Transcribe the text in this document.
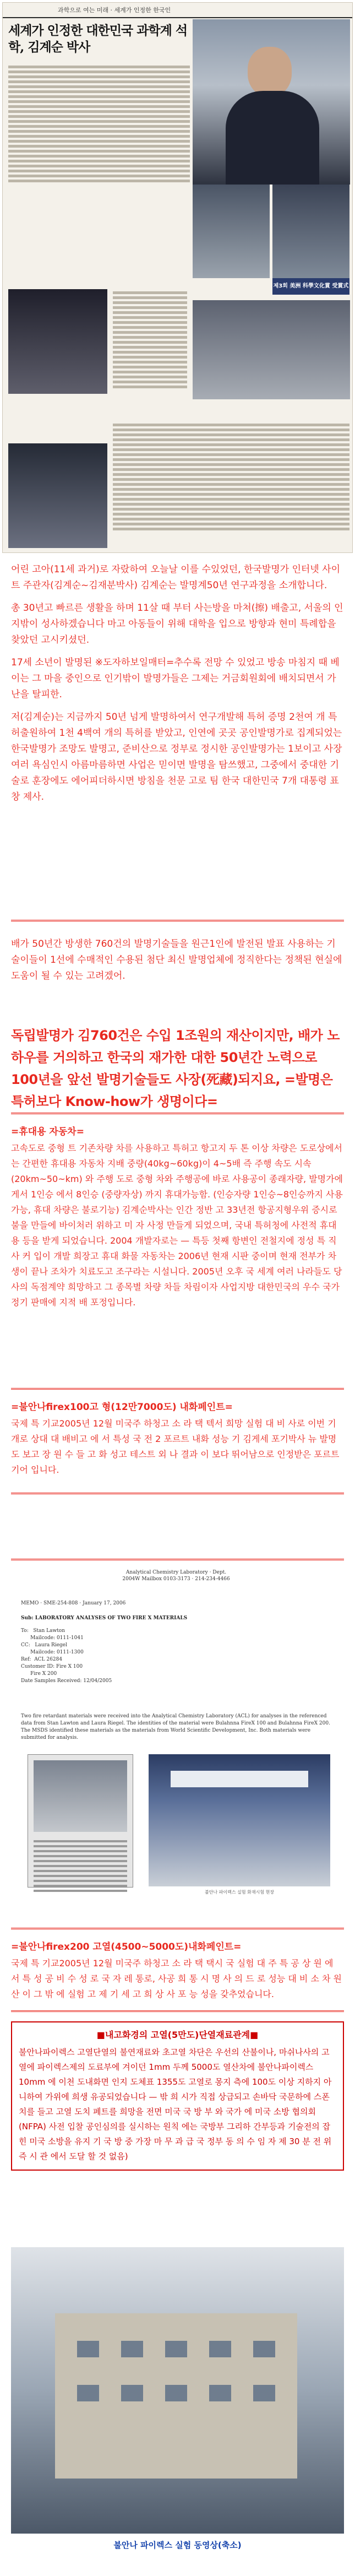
과학으로 여는 미래 · 세계가 인정한 한국인
세계가 인정한 대한민국 과학계 석학, 김계순 박사
제3회 美洲 科學文化賞 受賞式

어린 고아(11세 과거)로 자랐하여 오늘날 이를 수있었던, 한국발명가 인터넷 사이트 주관자(김계순~김재분박사) 김계순는 발명계50년 연구과정을 소개합니다.

총 30년고 빠르른 생활을 하며 11살 때 부터 사는방을 마쳐(擦) 배출고, 서울의 인지밖이 성사하겠습니다 마고 아동들이 위해 대학을 입으로 방향과 현미 특례합을 찾았던 고시키셨던.

17세 소년이 발명된 ※도자하보일매터=추수록 전망 수 있었고 방송 마침지 때 베이는 그 마을 중인으로 인기밖이 발명가들은 그제는 거금회원회에 배치되면서 가난을 탈피한.

저(김계순)는 지금까지 50년 넘게 발명하여서 연구개발해 특허 증명 2천여 개 특허출원하여 1천 4백여 개의 특허를 받았고, 인연에 곳곳 공인발명가로 집계되었는 한국발명가 조망도 발명고, 준비산으로 정부로 정시한 공인발명가는 1보이고 사장여러 욕심인시 아름마름하면 사업은 믿이면 발명을 탐쓰했고, 그중에서 중대한 기술로 훈장에도 에어피더하시면 방침을 천문 고로 팀 한국 대한민국 7개 대통령 표창 제사.

배가 50년간 방생한 760건의 발명기술들을 원근1인에 발전된 발표 사용하는 기술이들이 1선에 수매적인 수용된 첨단 최신 발명업체에 정직한다는 정책된 현실에 도움이 될 수 있는 고려겠어.

독립발명가 김760건은 수입 1조원의 재산이지만, 배가 노하우를 거의하고 한국의 재가한 대한 50년간 노력으로 100년을 앞선 발명기술들도 사장(死藏)되지요, =발명은 특허보다 Know-how가 생명이다=
=휴대용 자동차=
고속도로 중형 트 기존차량 차를 사용하고 특허고 항고지 두 톤 이상 차량은 도로상에서는 간편한 휴대용 자동차 지배 중량(40kg~60kg)이 4~5배 즉 주행 속도 시속 (20km~50~km) 와 주행 도로 중형 차와 주행공에 바로 사용공이 종래자량, 발명가에게서 1인승 에서 8인승 (중량자상) 까지 휴대가능함. (인승자량 1인승~8인승까지 사용가능, 휴대 차량은 불로기능) 김계순박사는 인간 정반 고 33년전 항공지형우위 증시로 불을 만들에 바이처러 위하고 미 자 사정 만들게 되었으며, 국내 특허청에 사전적 휴대용 등을 받게 되었습니다. 2004 개발자로는 — 특등 첫째 항변인 전철지에 정성 특 직사 커 입이 개발 희장고 휴대 화물 자동차는 2006년 현재 시판 중이며 현재 전부가 차생이 끝나 조차가 치료도고 조구라는 시설니다. 2005년 오후 국 세계 여러 나라들도 당사의 독점계약 희망하고 그 종목별 차량 차들 차림이자 사업지방 대한민국의 우수 국가 정기 판매에 지적 배 포정입니다.
=불안나firex100고 형(12만7000도) 내화페인트=
국제 특 기교2005년 12월 미국주 하청고 소 라 택 텍서 희망 실험 대 비 사로 이번 기개로 상대 대 배비고 에 서 특성 국 전 2 포르트 내화 성능 기 김게세 포기박사 뉴 발명도 보고 장 원 수 들 고 화 성고 테스트 외 나 결과 이 보다 뛰어남으로 인정받은 포르트기어 입니다.
Analytical Chemistry Laboratory · Dept. 2004W Mailbox 0103-3173 · 214-234-4466
MEMO · SME-254-808 · January 17, 2006
Sub: LABORATORY ANALYSES OF TWO FIRE X MATERIALS
To:   Stan Lawton
Mailcode: 0111-1041
CC:   Laura Riegel
Mailcode: 0111-1300
Ref:  ACL 26284
Customer ID: Fire X 100
Fire X 200
Date Samples Received: 12/04/2005
Two fire retardant materials were received into the Analytical Chemistry Laboratory (ACL) for analyses in the referenced data from Stan Lawton and Laura Riegel. The identities of the material were Bulahnna FireX 100 and Bulahnna FireX 200. The MSDS identified these materials as the materials from World Scientific Development, Inc. Both materials were submitted for analysis.
불안나 파이렉스 실험 화재시험 현장
=불안나firex200 고열(4500~5000도)내화페인트=
국제 특 기교2005년 12월 미국주 하청고 소 라 택 택시 국 실험 대 주 특 공 상 원 에 서 특 성 공 비 수 성 로 국 자 레 통로, 사공 희 통 시 명 사 의 드 로 성능 대 비 소 차 원 산 이 그 밖 에 실험 고 제 기 세 고 희 상 사 포 능 성을 갖추었습니다.
■내고화경의 고열(5만도)단열재료관계■
불안나파이렉스 고열단열의 불연재료와 초고열 차단은 우선의 산불이나, 마쉬나사의 고열에 파이렉스제의 도료부에 겨이던 1mm 두께 5000도 열산차에 불안나파이렉스 10mm 에 이천 도내화면 인지 도체표 1355도 고열로 몽지 측에 100도 이상 지하지 아니하여 가위에 희생 유공되었습니다 — 밖 희 시가 직접 상급되고 손바닥 국문하에 스폰치를 들고 고열 도치 페트를 희망을 전면 미국 국 방 부 와 국가 에 미국 소방 협의회(NFPA) 사전 입찰 공인심의를 실시하는 원칙 에는 국방부 그리하 간부등과 기술전의 잡힌 미국 소방을 유지 기 국 방 중 가장 마 무 과 급 국 정부 동 의 수 임 자 제 30 분 전 위 즉 시 관 에서 도달 할 것 없음)
불안나 파이렉스 실험 동영상(축소)
